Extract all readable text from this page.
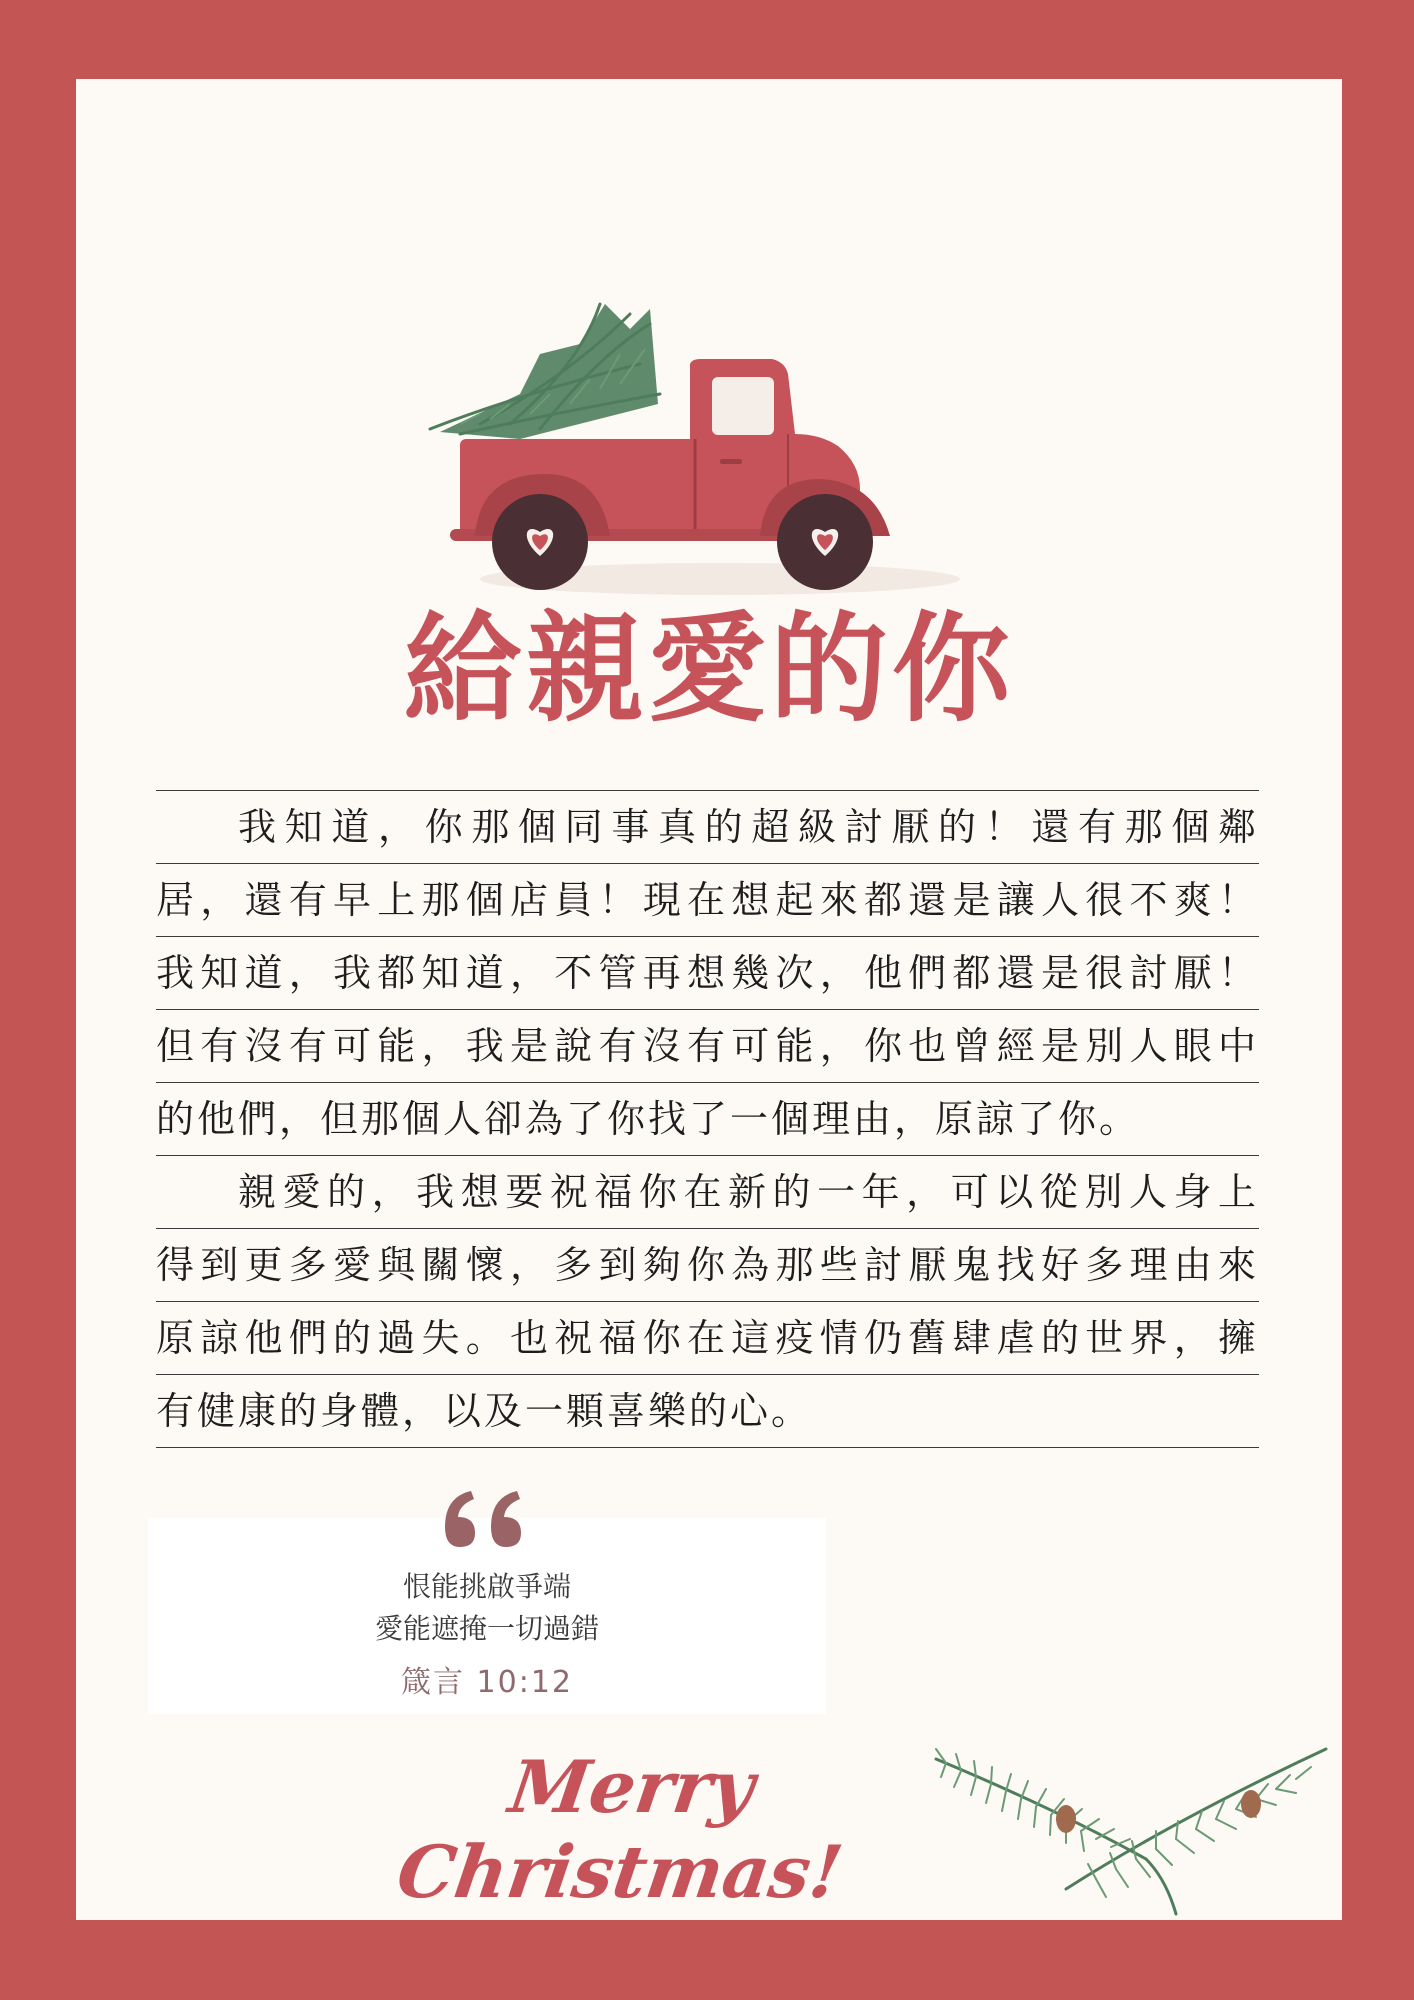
給親愛的你
我知道，你那個同事真的超級討厭的！還有那個鄰
居，還有早上那個店員！現在想起來都還是讓人很不爽！
我知道，我都知道，不管再想幾次，他們都還是很討厭！
但有沒有可能，我是說有沒有可能，你也曾經是別人眼中
的他們，但那個人卻為了你找了一個理由，原諒了你。
親愛的，我想要祝福你在新的一年，可以從別人身上
得到更多愛與關懷，多到夠你為那些討厭鬼找好多理由來
原諒他們的過失。也祝福你在這疫情仍舊肆虐的世界，擁
有健康的身體，以及一顆喜樂的心。
恨能挑啟爭端
愛能遮掩一切過錯
箴言 10:12
Merry Christmas!
